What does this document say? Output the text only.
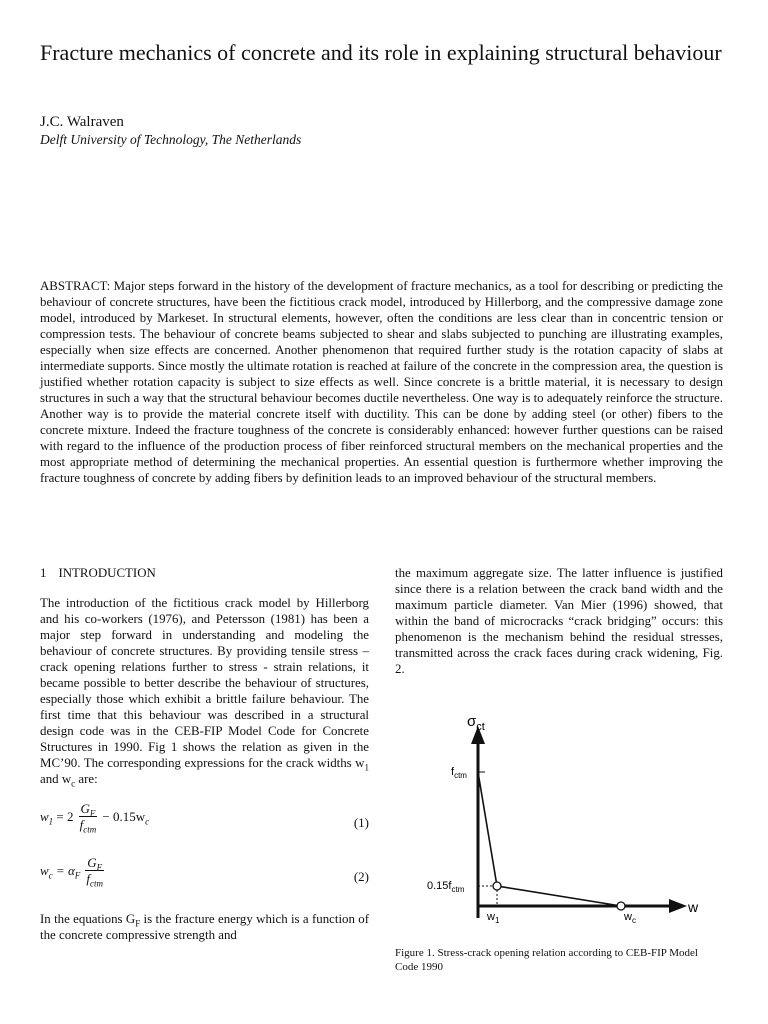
Fracture mechanics of concrete and its role in explaining structural behaviour
J.C. Walraven
Delft University of Technology, The Netherlands

ABSTRACT: Major steps forward in the history of the development of fracture mechanics, as a tool for describing or predicting the behaviour of concrete structures, have been the fictitious crack model, introduced by Hillerborg, and the compressive damage zone model, introduced by Markeset. In structural elements, however, often the conditions are less clear than in concentric tension or compression tests. The behaviour of concrete beams subjected to shear and slabs subjected to punching are illustrating examples, especially when size effects are concerned. Another phenomenon that required further study is the rotation capacity of slabs at intermediate supports. Since mostly the ultimate rotation is reached at failure of the concrete in the compression area, the question is justified whether rotation capacity is subject to size effects as well. Since concrete is a brittle material, it is necessary to design structures in such a way that the structural behaviour becomes ductile nevertheless. One way is to adequately reinforce the structure. Another way is to provide the material concrete itself with ductility. This can be done by adding steel (or other) fibers to the concrete mixture. Indeed the fracture toughness of the concrete is considerably enhanced: however further questions can be raised with regard to the influence of the production process of fiber reinforced structural members on the mechanical properties and the most appropriate method of determining the mechanical properties. An essential question is furthermore whether improving the fracture toughness of concrete by adding fibers by definition leads to an improved behaviour of the structural members.

1 INTRODUCTION

The introduction of the fictitious crack model by Hillerborg and his co-workers (1976), and Petersson (1981) has been a major step forward in understanding and modeling the behaviour of concrete structures. By providing tensile stress – crack opening relations further to stress - strain relations, it became possible to better describe the behaviour of structures, especially those which exhibit a brittle failure behaviour. The first time that this behaviour was described in a structural design code was in the CEB-FIP Model Code for Concrete Structures in 1990. Fig 1 shows the relation as given in the MC’90. The corresponding expressions for the crack widths $w_1$ and $w_c$ are:

$w_1 = 2 \frac{G_F}{f_{ctm}} - 0.15w_c$	(1)
$w_c = \alpha_F \frac{G_F}{f_{ctm}}$	(2)

In the equations $G_F$ is the fracture energy which is a function of the concrete compressive strength and

the maximum aggregate size. The latter influence is justified since there is a relation between the crack band width and the maximum particle diameter. Van Mier (1996) showed, that within the band of microcracks “crack bridging” occurs: this phenomenon is the mechanism behind the residual stresses, transmitted across the crack faces during crack widening, Fig. 2.

$\sigma_{ct}$
w
$f_{ctm}$
$0.15f_{ctm}$
$w_1$	$w_c$

Figure 1. Stress-crack opening relation according to CEB-FIP Model Code 1990
